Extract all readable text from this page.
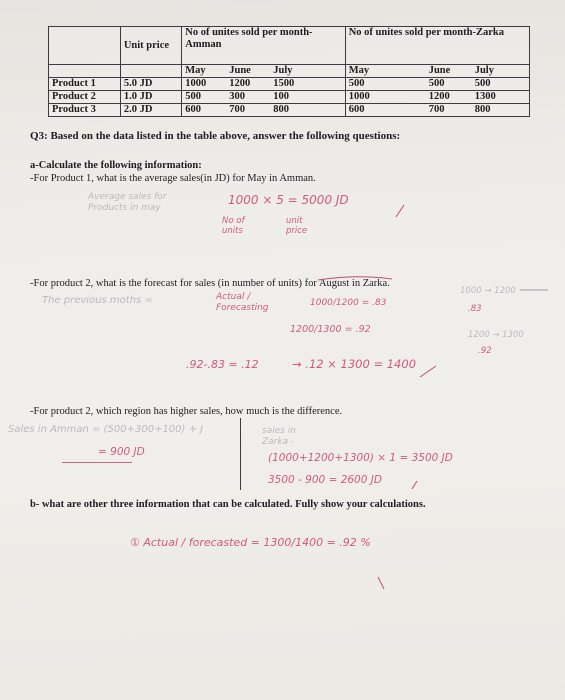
	Unit price	No of unites sold per month-Amman	No of unites sold per month-Zarka
		May June July	May June July
Product 1	5.0 JD	1000 1200 1500	500 500 500
Product 2	1.0 JD	500 300 100	1000 1200 1300
Product 3	2.0 JD	600 700 800	600 700 800
Q3: Based on the data listed in the table above, answer the following questions:
a-Calculate the following information:
-For Product 1, what is the average sales(in JD) for May in Amman.
Average sales for Products in may
1000 × 5 = 5000 JD
No of units
unit price
-For product 2, what is the forecast for sales (in number of units) for August in Zarka.
The previous moths =	Actual / Forecasting	1000/1200 = .83
1200/1300 = .92
.92-.83 = .12	→ .12 × 1300 = 1400
1000 → 1200
.83
1200 → 1300
.92
-For product 2, which region has higher sales, how much is the difference.
Sales in Amman = (500+300+100) + J
= 900 JD
sales in Zarka -
(1000+1200+1300) × 1 = 3500 JD
3500 - 900 = 2600 JD
b- what are other three information that can be calculated. Fully show your calculations.
① Actual / forecasted = 1300/1400 = .92 %
